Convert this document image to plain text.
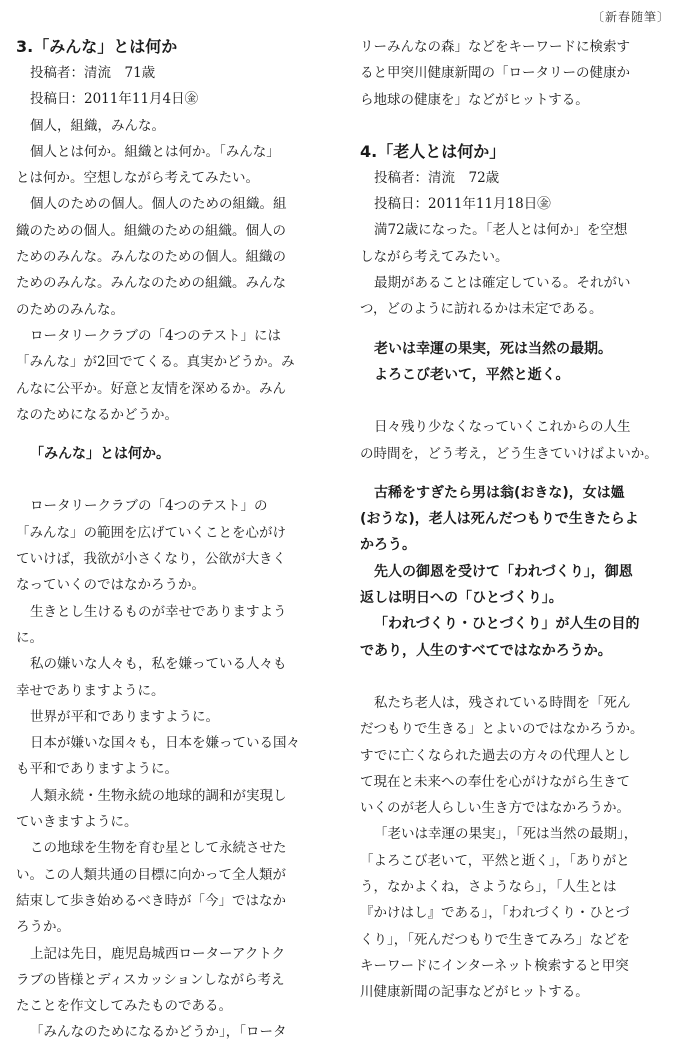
〔新春随筆〕
3.「みんな」とは何か
投稿者：清流　71歳
投稿日：2011年11月4日㊎
個人，組織，みんな。
個人とは何か。組織とは何か。「みんな」
とは何か。空想しながら考えてみたい。
個人のための個人。個人のための組織。組
織のための個人。組織のための組織。個人の
ためのみんな。みんなのための個人。組織の
ためのみんな。みんなのための組織。みんな
のためのみんな。
ロータリークラブの「4つのテスト」には
「みんな」が2回でてくる。真実かどうか。み
んなに公平か。好意と友情を深めるか。みん
なのためになるかどうか。
「みんな」とは何か。
ロータリークラブの「4つのテスト」の
「みんな」の範囲を広げていくことを心がけ
ていけば，我欲が小さくなり，公欲が大きく
なっていくのではなかろうか。
生きとし生けるものが幸せでありますよう
に。
私の嫌いな人々も，私を嫌っている人々も
幸せでありますように。
世界が平和でありますように。
日本が嫌いな国々も，日本を嫌っている国々
も平和でありますように。
人類永続・生物永続の地球的調和が実現し
ていきますように。
この地球を生物を育む星として永続させた
い。この人類共通の目標に向かって全人類が
結束して歩き始めるべき時が「今」ではなか
ろうか。
上記は先日，鹿児島城西ローターアクトク
ラブの皆様とディスカッションしながら考え
たことを作文してみたものである。
「みんなのためになるかどうか」，「ロータ
リーみんなの森」などをキーワードに検索す
ると甲突川健康新聞の「ロータリーの健康か
ら地球の健康を」などがヒットする。
4.「老人とは何か」
投稿者：清流　72歳
投稿日：2011年11月18日㊎
満72歳になった。「老人とは何か」を空想
しながら考えてみたい。
最期があることは確定している。それがい
つ，どのように訪れるかは未定である。
老いは幸運の果実，死は当然の最期。
よろこび老いて，平然と逝く。
日々残り少なくなっていくこれからの人生
の時間を，どう考え，どう生きていけばよいか。
古稀をすぎたら男は翁(おきな)，女は媼
(おうな)，老人は死んだつもりで生きたらよ
かろう。
先人の御恩を受けて「われづくり」，御恩
返しは明日への「ひとづくり」。
「われづくり・ひとづくり」が人生の目的
であり，人生のすべてではなかろうか。
私たち老人は，残されている時間を「死ん
だつもりで生きる」とよいのではなかろうか。
すでに亡くなられた過去の方々の代理人とし
て現在と未来への奉仕を心がけながら生きて
いくのが老人らしい生き方ではなかろうか。
「老いは幸運の果実」，「死は当然の最期」，
「よろこび老いて，平然と逝く」，「ありがと
う，なかよくね，さようなら」，「人生とは
『かけはし』である」，「われづくり・ひとづ
くり」，「死んだつもりで生きてみろ」などを
キーワードにインターネット検索すると甲突
川健康新聞の記事などがヒットする。
